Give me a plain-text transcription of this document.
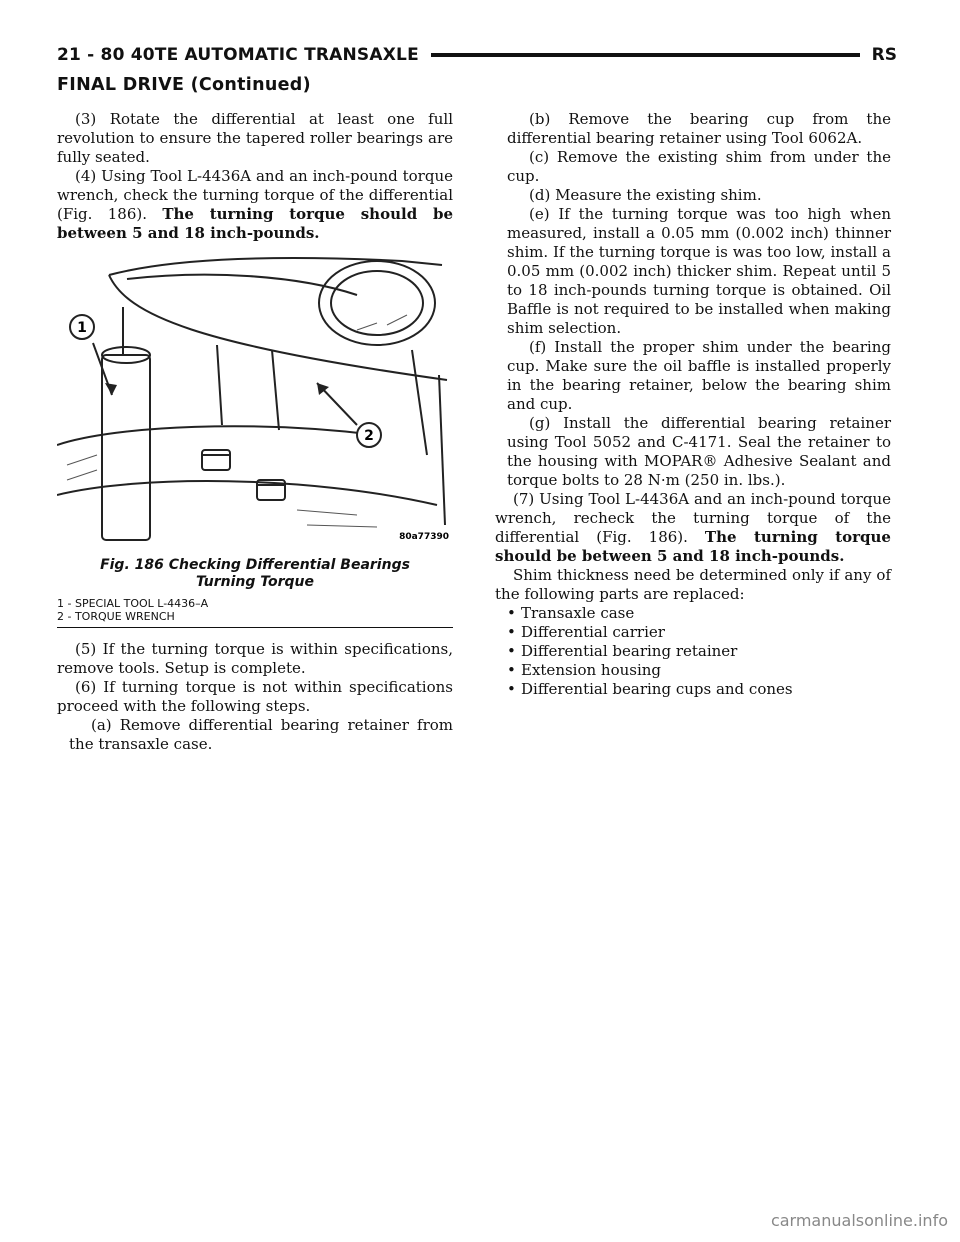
21 - 80 40TE AUTOMATIC TRANSAXLE	RS
FINAL DRIVE (Continued)

(3) Rotate the differential at least one full revolution to ensure the tapered roller bearings are fully seated.

(4) Using Tool L-4436A and an inch-pound torque wrench, check the turning torque of the differential (Fig. 186). The turning torque should be between 5 and 18 inch-pounds.

1
2
80a77390
Fig. 186 Checking Differential Bearings Turning Torque
1 - SPECIAL TOOL L-4436–A
2 - TORQUE WRENCH

(5) If the turning torque is within specifications, remove tools. Setup is complete.

(6) If turning torque is not within specifications proceed with the following steps.

(a) Remove differential bearing retainer from the transaxle case.

(b) Remove the bearing cup from the differential bearing retainer using Tool 6062A.

(c) Remove the existing shim from under the cup.

(d) Measure the existing shim.

(e) If the turning torque was too high when measured, install a 0.05 mm (0.002 inch) thinner shim. If the turning torque is was too low, install a 0.05 mm (0.002 inch) thicker shim. Repeat until 5 to 18 inch-pounds turning torque is obtained. Oil Baffle is not required to be installed when making shim selection.

(f) Install the proper shim under the bearing cup. Make sure the oil baffle is installed properly in the bearing retainer, below the bearing shim and cup.

(g) Install the differential bearing retainer using Tool 5052 and C-4171. Seal the retainer to the housing with MOPAR® Adhesive Sealant and torque bolts to 28 N·m (250 in. lbs.).

(7) Using Tool L-4436A and an inch-pound torque wrench, recheck the turning torque of the differential (Fig. 186). The turning torque should be between 5 and 18 inch-pounds.

Shim thickness need be determined only if any of the following parts are replaced:

• Transaxle case
• Differential carrier
• Differential bearing retainer
• Extension housing
• Differential bearing cups and cones
carmanualsonline.info
